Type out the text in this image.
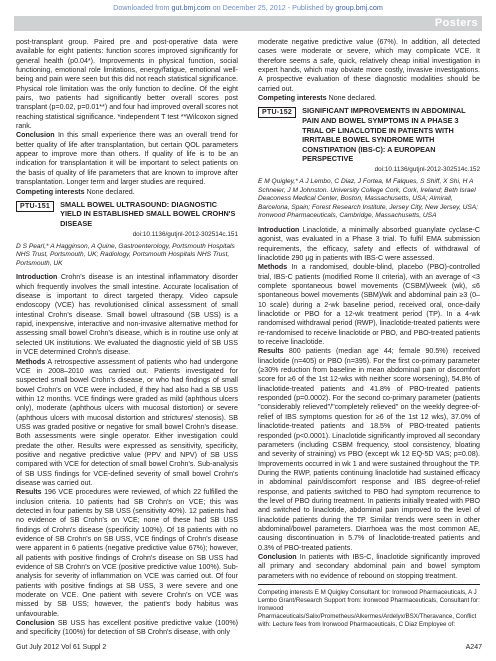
Downloaded from gut.bmj.com on December 25, 2012 - Published by group.bmj.com
Posters

post-transplant group. Paired pre and post-operative data were available for eight patients: function scores improved significantly for general health (p0.04*). Improvements in physical function, social functioning, emotional role limitations, energy/fatigue, emotional well-being and pain were seen but this did not reach statistical significance. Physical role limitation was the only function to decline. Of the eight pairs, two patients had significantly better overall scores post transplant (p=0.02, p=0.01**) and four had improved overall scores not reaching statistical significance. *independent T test **Wilcoxon signed rank.

Conclusion In this small experience there was an overall trend for better quality of life after transplantation, but certain QOL parameters appear to improve more than others. If quality of life is to be an indication for transplantation it will be important to select patients on the basis of quality of life parameters that are known to improve after transplantation. Longer term and larger studies are required.

Competing interests None declared.

PTU-151	SMALL BOWEL ULTRASOUND: DIAGNOSTIC YIELD IN ESTABLISHED SMALL BOWEL CROHN'S DISEASE

doi:10.1136/gutjnl-2012-302514c.151

D S Pearl,* A Hagginson, A Quine, Gastroenterology, Portsmouth Hospitals NHS Trust, Portsmouth, UK; Radiology, Portsmouth Hospitals NHS Trust, Portsmouth, UK

Introduction Crohn's disease is an intestinal inflammatory disorder which frequently involves the small intestine. Accurate localisation of disease is important to direct targeted therapy. Video capsule endoscopy (VCE) has revolutionised clinical assessment of small intestinal Crohn's disease. Small bowel ultrasound (SB USS) is a rapid, inexpensive, interactive and non-invasive alternative method for assessing small bowel Crohn's disease, which is in routine use only at selected UK institutions. We evaluated the diagnostic yield of SB USS in VCE determined Crohn's disease.

Methods A retrospective assessment of patients who had undergone VCE in 2008–2010 was carried out. Patients investigated for suspected small bowel Crohn's disease, or who had findings of small bowel Crohn's on VCE were included, if they had also had a SB USS within 12 months. VCE findings were graded as mild (aphthous ulcers only), moderate (aphthous ulcers with mucosal distortion) or severe (aphthous ulcers with mucosal distortion and strictures/ stenosis). SB USS was graded positive or negative for small bowel Crohn's disease. Both assessments were single operator. Either investigation could predate the other. Results were expressed as sensitivity, specificity, positive and negative predictive value (PPV and NPV) of SB USS compared with VCE for detection of small bowel Crohn's. Sub-analysis of SB USS findings for VCE-defined severity of small bowel Crohn's disease was carried out.

Results 196 VCE procedures were reviewed, of which 22 fulfilled the inclusion criteria. 10 patients had SB Crohn's on VCE; this was detected in four patients by SB USS (sensitivity 40%). 12 patients had no evidence of SB Crohn's on VCE; none of these had SB USS findings of Crohn's disease (specificity 100%). Of 18 patients with no evidence of SB Crohn's on SB USS, VCE findings of Crohn's disease were apparent in 6 patients (negative predictive value 67%); however, all patients with positive findings of Crohn's disease on SB USS had evidence of SB Crohn's on VCE (positive predictive value 100%). Sub-analysis for severity of inflammation on VCE was carried out. Of four patients with positive findings at SB USS, 3 were severe and one moderate on VCE. One patient with severe Crohn's on VCE was missed by SB USS; however, the patient's body habitus was unfavourable.

Conclusion SB USS has excellent positive predictive value (100%) and specificity (100%) for detection of SB Crohn's disease, with only

moderate negative predictive value (67%). In addition, all detected cases were moderate or severe, which may complicate VCE. It therefore seems a safe, quick, relatively cheap initial investigation in expert hands, which may obviate more costly, invasive investigations. A prospective evaluation of these diagnostic modalities should be carried out.

Competing interests None declared.

PTU-152	SIGNIFICANT IMPROVEMENTS IN ABDOMINAL PAIN AND BOWEL SYMPTOMS IN A PHASE 3 TRIAL OF LINACLOTIDE IN PATIENTS WITH IRRITABLE BOWEL SYNDROME WITH CONSTIPATION (IBS-C): A EUROPEAN PERSPECTIVE

doi:10.1136/gutjnl-2012-302514c.152

E M Quigley,* A J Lembo, C Diaz, J Fortea, M Falques, S Shiff, X Shi, H A Schneier, J M Johnston. University College Cork, Cork, Ireland; Beth Israel Deaconess Medical Center, Boston, Massachusetts, USA; Almirall, Barcelona, Spain; Forest Research Institute, Jersey City, New Jersey, USA; Ironwood Pharmaceuticals, Cambridge, Massachusetts, USA

Introduction Linaclotide, a minimally absorbed guanylate cyclase-C agonist, was evaluated in a Phase 3 trial. To fulfil EMA submission requirements, the efficacy, safety and effects of withdrawal of linaclotide 290 µg in patients with IBS-C were assessed.

Methods In a randomised, double-blind, placebo (PBO)-controlled trial, IBS-C patients (modified Rome II criteria), with an average of <3 complete spontaneous bowel movements (CSBM)/week (wk), ≤6 spontaneous bowel movements (SBM)/wk and abdominal pain ≥3 (0–10 scale) during a 2-wk baseline period, received oral, once-daily linaclotide or PBO for a 12-wk treatment period (TP). In a 4-wk randomised withdrawal period (RWP), linaclotide-treated patients were re-randomised to receive linaclotide or PBO, and PBO-treated patients to receive linaclotide.

Results 800 patients (median age 44; female 90.5%) received linaclotide (n=405) or PBO (n=395). For the first co-primary parameter (≥30% reduction from baseline in mean abdominal pain or discomfort score for ≥6 of the 1st 12-wks with neither score worsening), 54.8% of linaclotide-treated patients and 41.8% of PBO-treated patients responded (p=0.0002). For the second co-primary parameter (patients "considerably relieved"/"completely relieved" on the weekly degree-of-relief of IBS symptoms question for ≥6 of the 1st 12 wks), 37.0% of linaclotide-treated patients and 18.5% of PBO-treated patients responded (p<0.0001). Linaclotide significantly improved all secondary parameters (including CSBM frequency, stool consistency, bloating and severity of straining) vs PBO (except wk 12 EQ-5D VAS; p=0.08). Improvements occurred in wk 1 and were sustained throughout the TP. During the RWP, patients continuing linaclotide had sustained efficacy in abdominal pain/discomfort response and IBS degree-of-relief response, and patients switched to PBO had symptom recurrence to the level of PBO during treatment. In patients initially treated with PBO and switched to linaclotide, abdominal pain improved to the level of linaclotide patients during the TP. Similar trends were seen in other abdominal/bowel parameters. Diarrhoea was the most common AE, causing discontinuation in 5.7% of linaclotide-treated patients and 0.3% of PBO-treated patients.

Conclusion In patients with IBS-C, linaclotide significantly improved all primary and secondary abdominal pain and bowel symptom parameters with no evidence of rebound on stopping treatment.

Competing interests E M Quigley Consultant for: Ironwood Pharmaceuticals, A J Lembo Grant/Research Support from: Ironwood Pharmaceuticals, Consultant for: Ironwood Pharmaceuticals/Salix/Prometheus/Alkermes/Ardelyx/BSX/Theravance, Conflict with: Lecture fees from Ironwood Pharmaceuticals, C Diaz Employee of:

Gut July 2012 Vol 61 Suppl 2	A247
